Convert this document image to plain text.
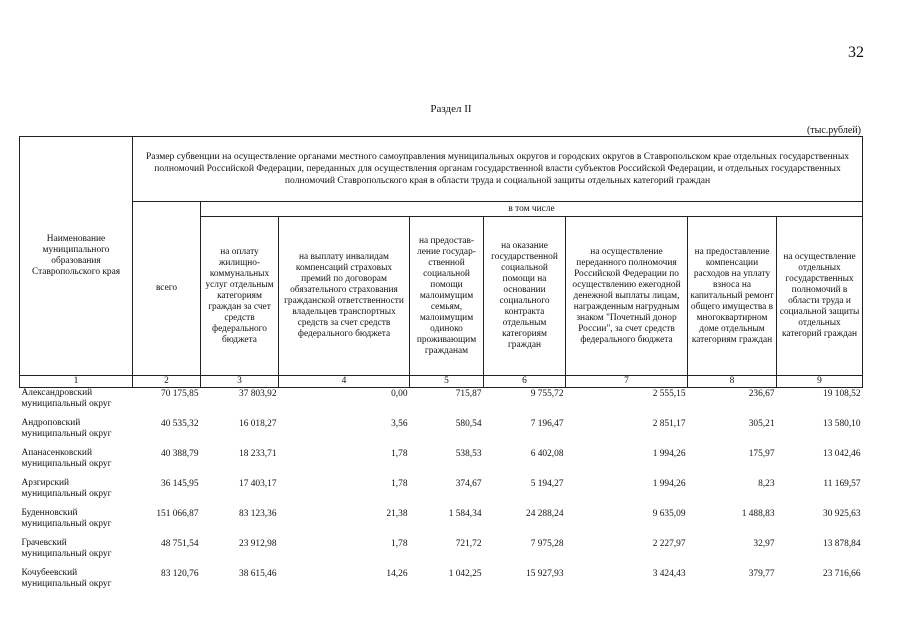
32
Раздел II
(тыс.рублей)
Наименование муниципального образования Ставропольского края	Размер субвенции на осуществление органами местного самоуправления муниципальных округов и городских округов в Ставропольском крае отдельных государственных полномочий Российской Федерации, переданных для осуществления органам государственной власти субъектов Российской Федерации, и отдельных государственных полномочий Ставропольского края в области труда и социальной защиты отдельных категорий граждан							
	всего	в том числе						
		на оплату жилищно-коммунальных услуг отдельным категориям граждан за счет средств федерального бюджета	на выплату инвалидам компенсаций страховых премий по договорам обязательного страхования гражданской ответственности владельцев транспортных средств за счет средств федерального бюджета	на предостав-ление государ-ственной социальной помощи малоимущим семьям, малоимущим одиноко проживающим гражданам	на оказание государственной социальной помощи на основании социального контракта отдельным категориям граждан	на осуществление переданного полномочия Российской Федерации по осуществлению ежегодной денежной выплаты лицам, награжденным нагрудным знаком "Почетный донор России", за счет средств федерального бюджета	на предоставление компенсации расходов на уплату взноса на капитальный ремонт общего имущества в многоквартирном доме отдельным категориям граждан	на осуществление отдельных государственных полномочий в области труда и социальной защиты отдельных категорий граждан
1	2	3	4	5	6	7	8	9
Александровский муниципальный округ	70 175,85	37 803,92	0,00	715,87	9 755,72	2 555,15	236,67	19 108,52
Андроповский муниципальный округ	40 535,32	16 018,27	3,56	580,54	7 196,47	2 851,17	305,21	13 580,10
Апанасенковский муниципальный округ	40 388,79	18 233,71	1,78	538,53	6 402,08	1 994,26	175,97	13 042,46
Арзгирский муниципальный округ	36 145,95	17 403,17	1,78	374,67	5 194,27	1 994,26	8,23	11 169,57
Буденновский муниципальный округ	151 066,87	83 123,36	21,38	1 584,34	24 288,24	9 635,09	1 488,83	30 925,63
Грачевский муниципальный округ	48 751,54	23 912,98	1,78	721,72	7 975,28	2 227,97	32,97	13 878,84
Кочубеевский муниципальный округ	83 120,76	38 615,46	14,26	1 042,25	15 927,93	3 424,43	379,77	23 716,66
